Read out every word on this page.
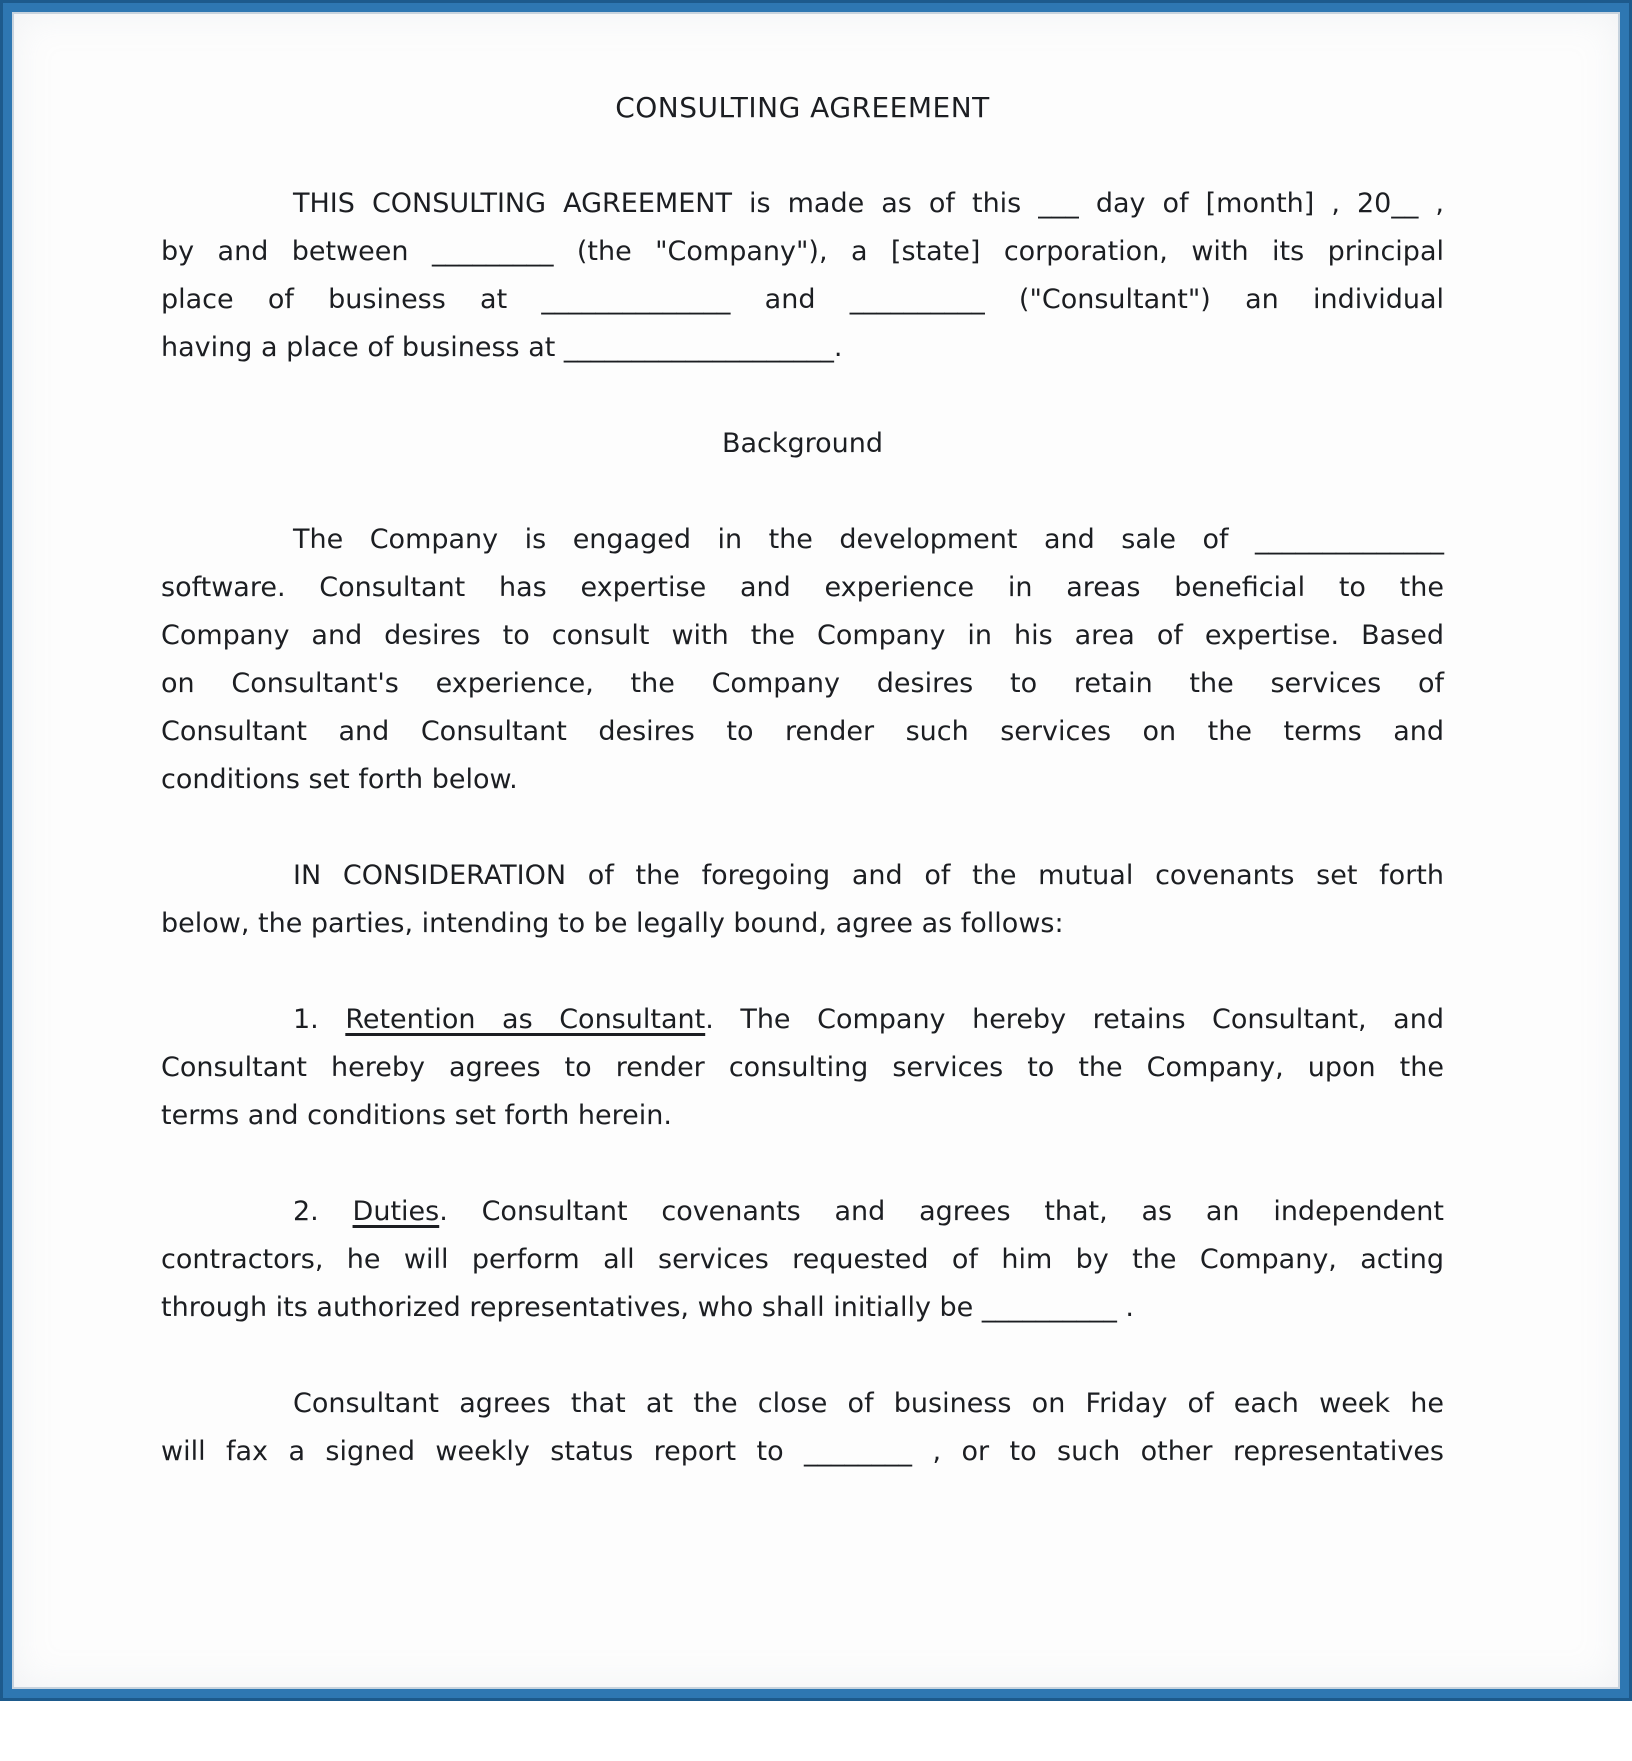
CONSULTING AGREEMENT
THIS CONSULTING AGREEMENT is made as of this ___ day of [month] , 20__ ,
by and between _________ (the "Company"), a [state] corporation, with its principal
place of business at ______________ and __________ ("Consultant") an individual
having a place of business at ____________________.
Background
The Company is engaged in the development and sale of ______________
software. Consultant has expertise and experience in areas beneficial to the
Company and desires to consult with the Company in his area of expertise. Based
on Consultant's experience, the Company desires to retain the services of
Consultant and Consultant desires to render such services on the terms and
conditions set forth below.
IN CONSIDERATION of the foregoing and of the mutual covenants set forth
below, the parties, intending to be legally bound, agree as follows:
1. Retention as Consultant. The Company hereby retains Consultant, and
Consultant hereby agrees to render consulting services to the Company, upon the
terms and conditions set forth herein.
2. Duties. Consultant covenants and agrees that, as an independent
contractors, he will perform all services requested of him by the Company, acting
through its authorized representatives, who shall initially be __________ .
Consultant agrees that at the close of business on Friday of each week he
will fax a signed weekly status report to ________ , or to such other representatives
